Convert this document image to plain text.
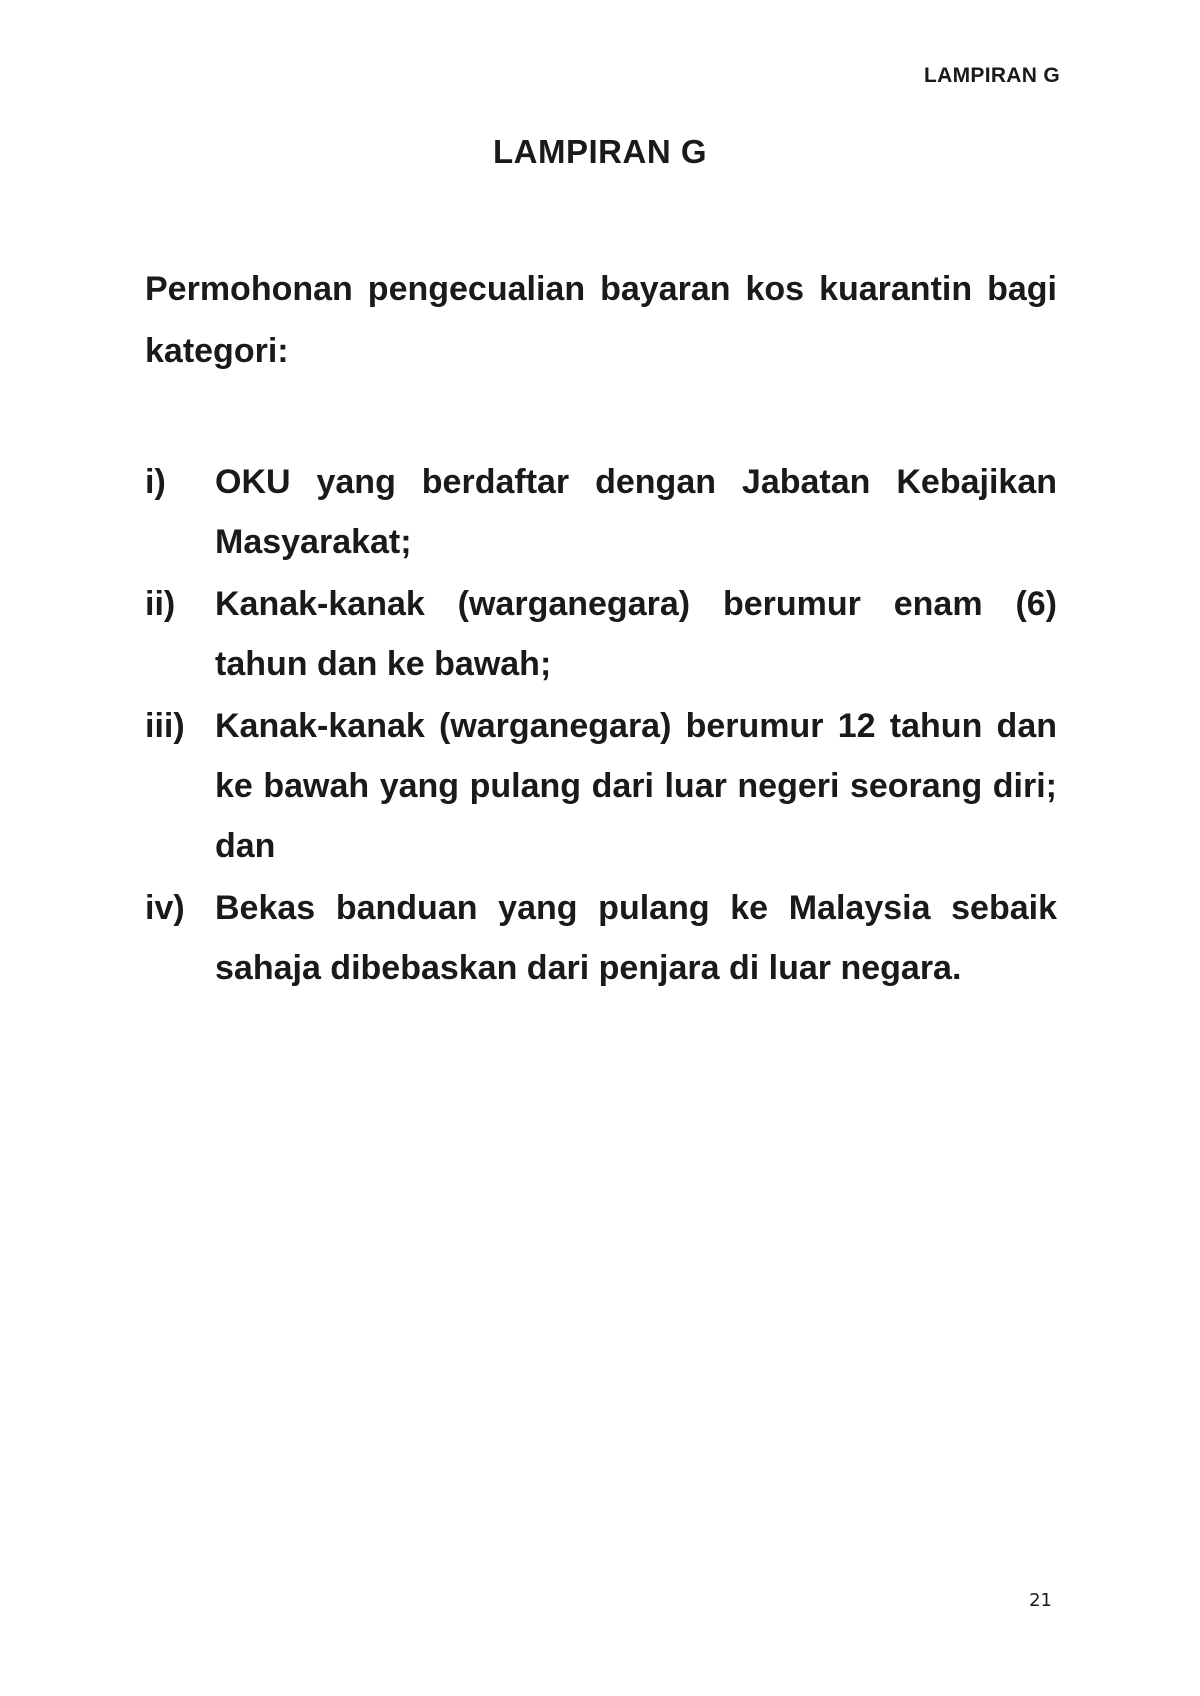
LAMPIRAN G
LAMPIRAN G

Permohonan pengecualian bayaran kos kuarantin bagi kategori:

i)	OKU yang berdaftar dengan Jabatan Kebajikan Masyarakat;
ii)	Kanak-kanak (warganegara) berumur enam (6) tahun dan ke bawah;
iii) Kanak-kanak (warganegara) berumur 12 tahun dan ke bawah yang pulang dari luar negeri seorang diri; dan
iv) Bekas banduan yang pulang ke Malaysia sebaik sahaja dibebaskan dari penjara di luar negara.
21
